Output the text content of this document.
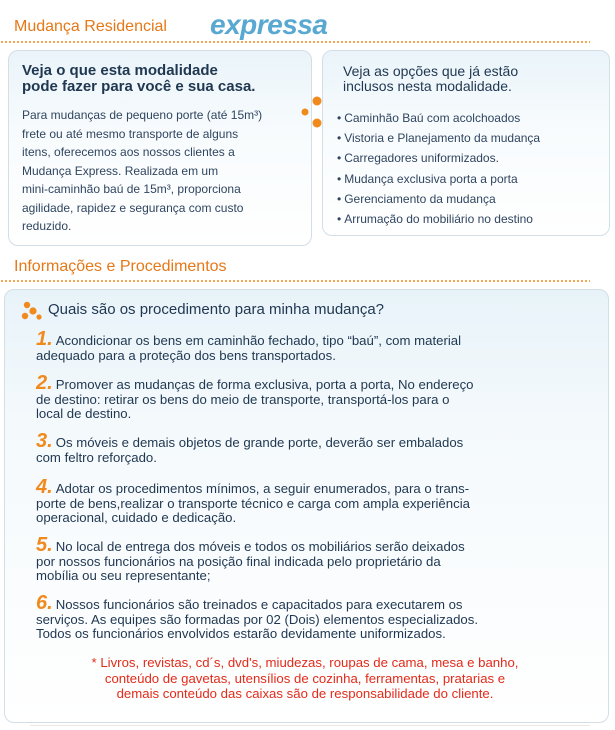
Mudança Residencial expressa
Veja o que esta modalidade
pode fazer para você e sua casa.
Para mudanças de pequeno porte (até 15m³)
frete ou até mesmo transporte de alguns
itens, oferecemos aos nossos clientes a
Mudança Express. Realizada em um
mini-caminhão baú de 15m³, proporciona
agilidade, rapidez e segurança com custo
reduzido.
Veja as opções que já estão
inclusos nesta modalidade.
• Caminhão Baú com acolchoados
• Vistoria e Planejamento da mudança
• Carregadores uniformizados.
• Mudança exclusiva porta a porta
• Gerenciamento da mudança
• Arrumação do mobiliário no destino
Informações e Procedimentos
Quais são os procedimento para minha mudança?
1. Acondicionar os bens em caminhão fechado, tipo “baú”, com material
adequado para a proteção dos bens transportados.
2. Promover as mudanças de forma exclusiva, porta a porta, No endereço
de destino: retirar os bens do meio de transporte, transportá-los para o
local de destino.
3. Os móveis e demais objetos de grande porte, deverão ser embalados
com feltro reforçado.
4. Adotar os procedimentos mínimos, a seguir enumerados, para o trans-
porte de bens,realizar o transporte técnico e carga com ampla experiência
operacional, cuidado e dedicação.
5. No local de entrega dos móveis e todos os mobiliários serão deixados
por nossos funcionários na posição final indicada pelo proprietário da
mobília ou seu representante;
6. Nossos funcionários são treinados e capacitados para executarem os
serviços. As equipes são formadas por 02 (Dois) elementos especializados.
Todos os funcionários envolvidos estarão devidamente uniformizados.
* Livros, revistas, cd´s, dvd's, miudezas, roupas de cama, mesa e banho,
conteúdo de gavetas, utensílios de cozinha, ferramentas, pratarias e
demais conteúdo das caixas são de responsabilidade do cliente.
